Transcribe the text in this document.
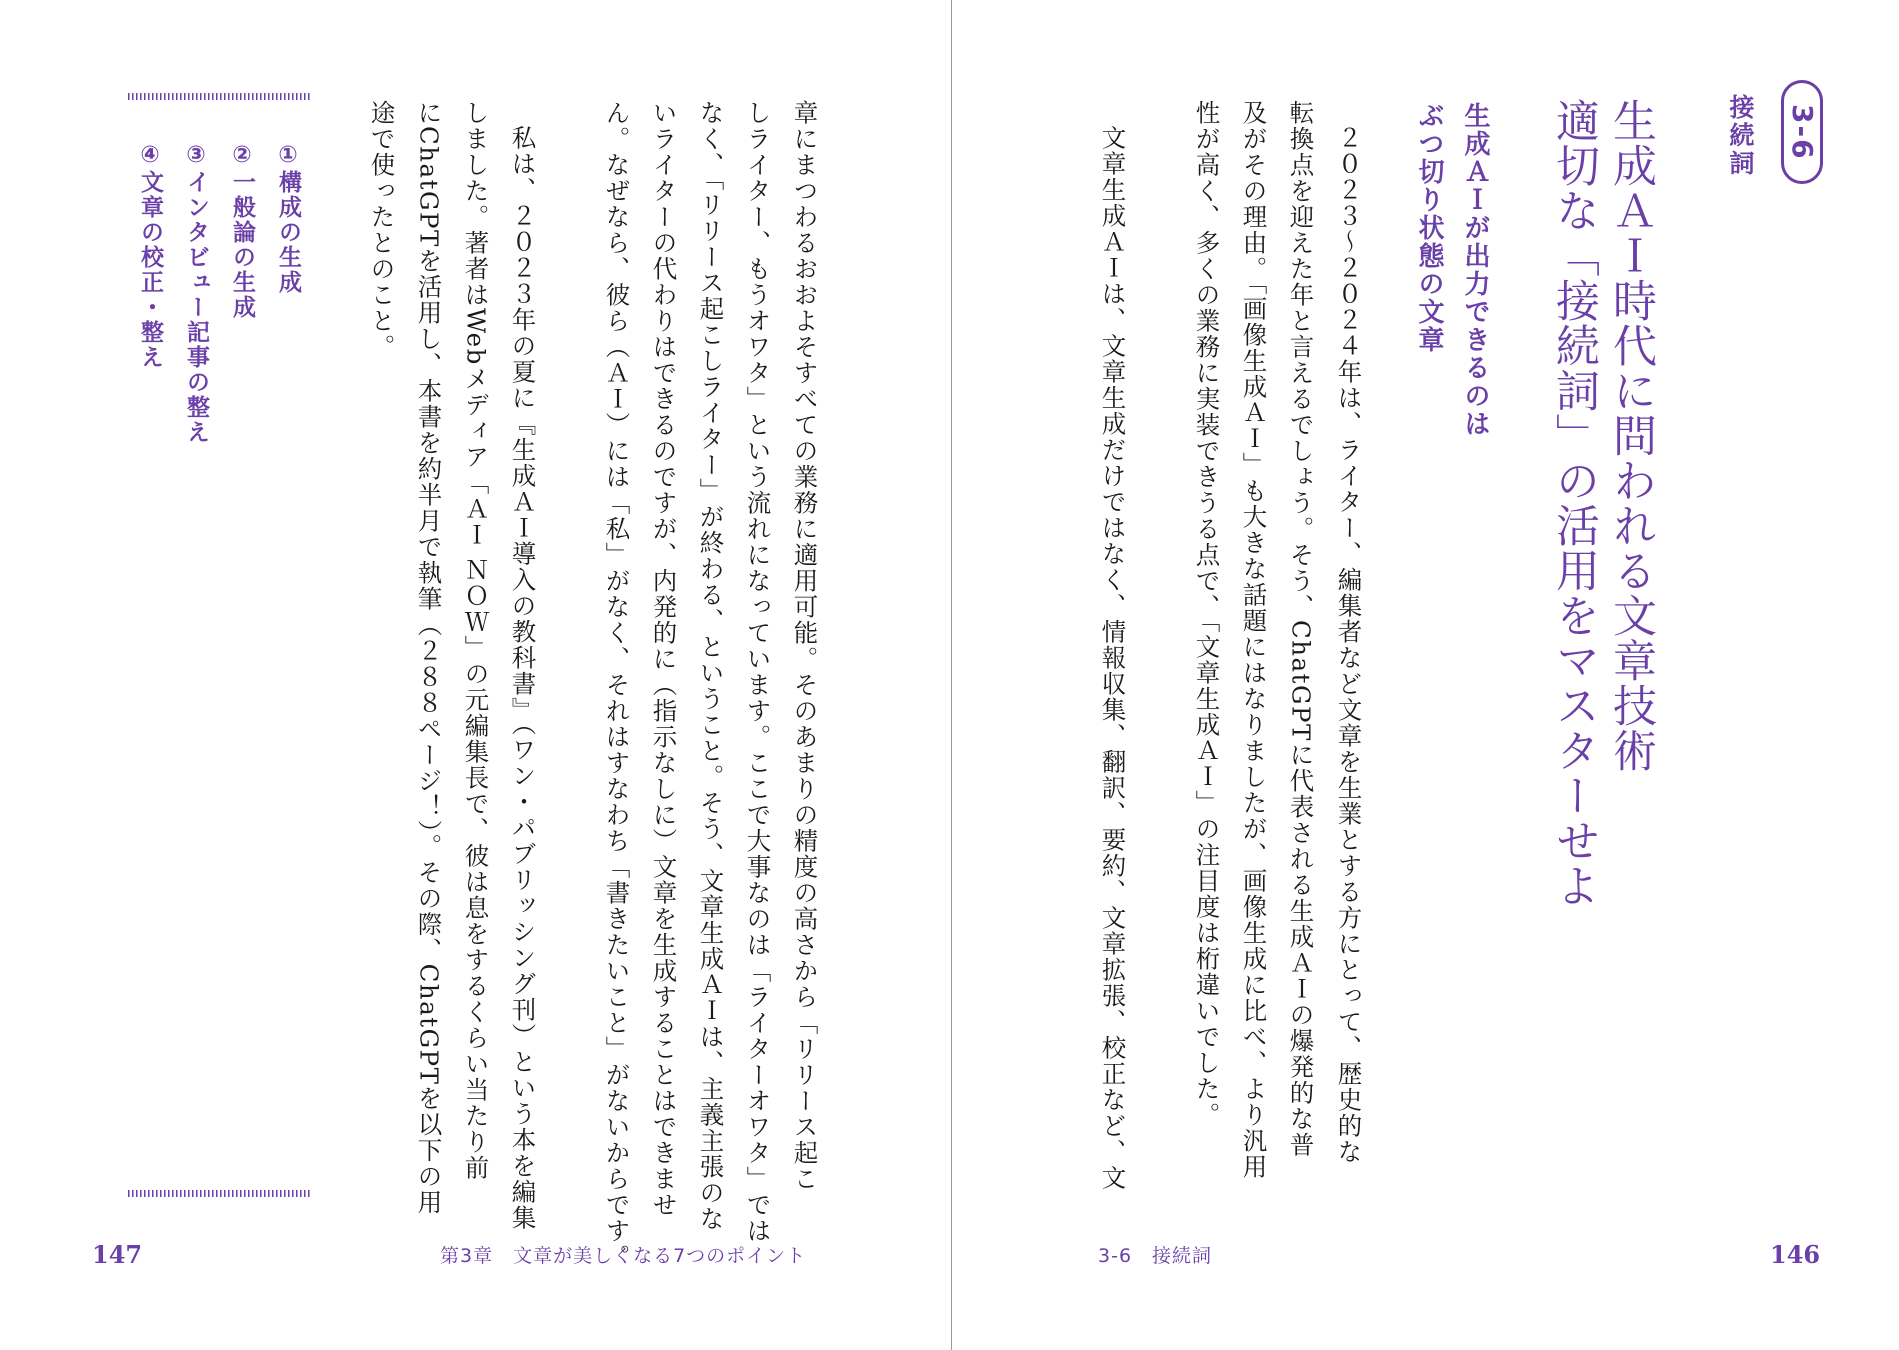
3-6
接続詞
生成ＡＩ時代に問われる文章技術
適切な「接続詞」の活用をマスターせよ
生成ＡＩが出力できるのは
ぶつ切り状態の文章
２０２３〜２０２４年は、ライター、編集者など文章を生業とする方にとって、歴史的な
転換点を迎えた年と言えるでしょう。そう、ChatGPTに代表される生成ＡＩの爆発的な普
及がその理由。「画像生成ＡＩ」も大きな話題にはなりましたが、画像生成に比べ、より汎用
性が高く、多くの業務に実装できうる点で、「文章生成ＡＩ」の注目度は桁違いでした。
文章生成ＡＩは、文章生成だけではなく、情報収集、翻訳、要約、文章拡張、校正など、文
3-6　接続詞	146
章にまつわるおおよそすべての業務に適用可能。そのあまりの精度の高さから「リリース起こ
しライター、もうオワタ」という流れになっています。ここで大事なのは「ライターオワタ」では
なく、「リリース起こしライター」が終わる、ということ。そう、文章生成ＡＩは、主義主張のな
いライターの代わりはできるのですが、内発的に（指示なしに）文章を生成することはできませ
ん。なぜなら、彼ら（ＡＩ）には「私」がなく、それはすなわち「書きたいこと」がないからです。
私は、２０２３年の夏に『生成ＡＩ導入の教科書』（ワン・パブリッシング刊）という本を編集
しました。著者はWebメディア「ＡＩ ＮＯＷ」の元編集長で、彼は息をするくらい当たり前
にChatGPTを活用し、本書を約半月で執筆（２８８ページ！）。その際、ChatGPTを以下の用
途で使ったとのこと。
①構成の生成
②一般論の生成
③インタビュー記事の整え
④文章の校正・整え
147	第3章　文章が美しくなる7つのポイント
